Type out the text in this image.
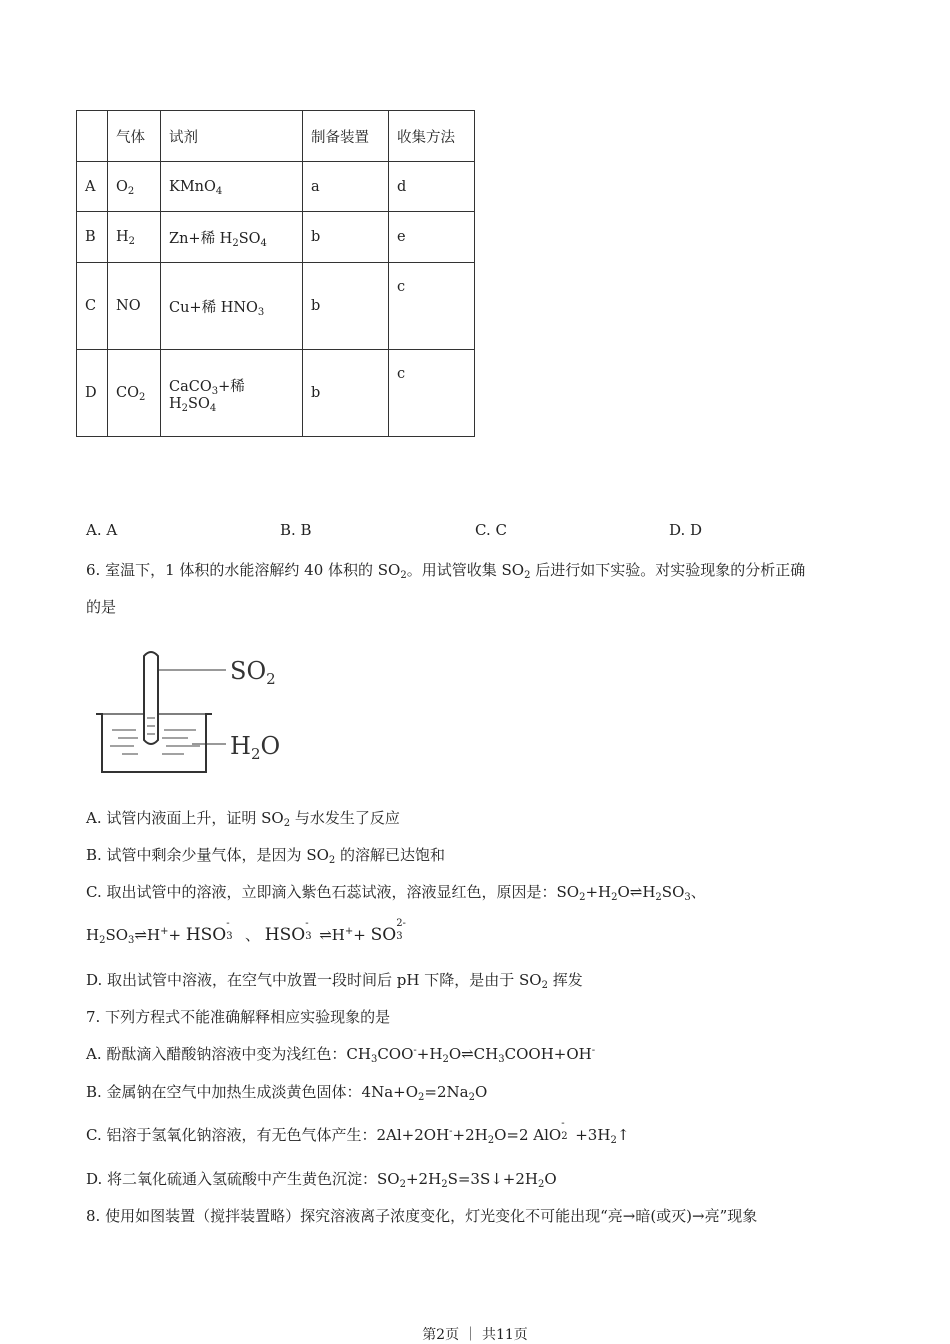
	气体	试剂	制备装置	收集方法
A	$O_2$	KMnO$_4$	a	d
B	$H_2$	Zn+稀 $H_2SO_4$	b	e
C	NO	Cu+稀 $HNO_3$	b	c
D	$CO_2$	CaCO$_3$+稀 $H_2SO_4$	b	c
A. A	B. B	C. C	D. D
6. 室温下，1 体积的水能溶解约 40 体积的 $SO_2$。用试管收集 $SO_2$ 后进行如下实验。对实验现象的分析正确
的是
$SO_2$
$H_2O$
A. 试管内液面上升，证明 $SO_2$ 与水发生了反应
B. 试管中剩余少量气体，是因为 $SO_2$ 的溶解已达饱和
C. 取出试管中的溶液，立即滴入紫色石蕊试液，溶液显红色，原因是：$SO_2+H_2O\rightleftharpoons H_2SO_3$、
$H_2SO_3\rightleftharpoons H^++$ HSO
-
3 、 HSO
-
3 ⇌H++ SO
2-
3
D. 取出试管中溶液，在空气中放置一段时间后 pH 下降，是由于 $SO_2$ 挥发
7. 下列方程式不能准确解释相应实验现象的是
A. 酚酞滴入醋酸钠溶液中变为浅红色：$CH_3COO^-+H_2O\rightleftharpoons CH_3COOH+OH^-$
B. 金属钠在空气中加热生成淡黄色固体：$4Na+O_2=2Na_2O$
C. 铝溶于氢氧化钠溶液，有无色气体产生：$2Al+2OH^-+2H_2O=2$ AlO
-
$2 +3H_2↑$
D. 将二氧化硫通入氢硫酸中产生黄色沉淀：$SO_2+2H_2S=3S↓+2H_2O$
8. 使用如图装置（搅拌装置略）探究溶液离子浓度变化，灯光变化不可能出现“亮→暗(或灭)→亮”现象
第2页 ｜ 共11页
